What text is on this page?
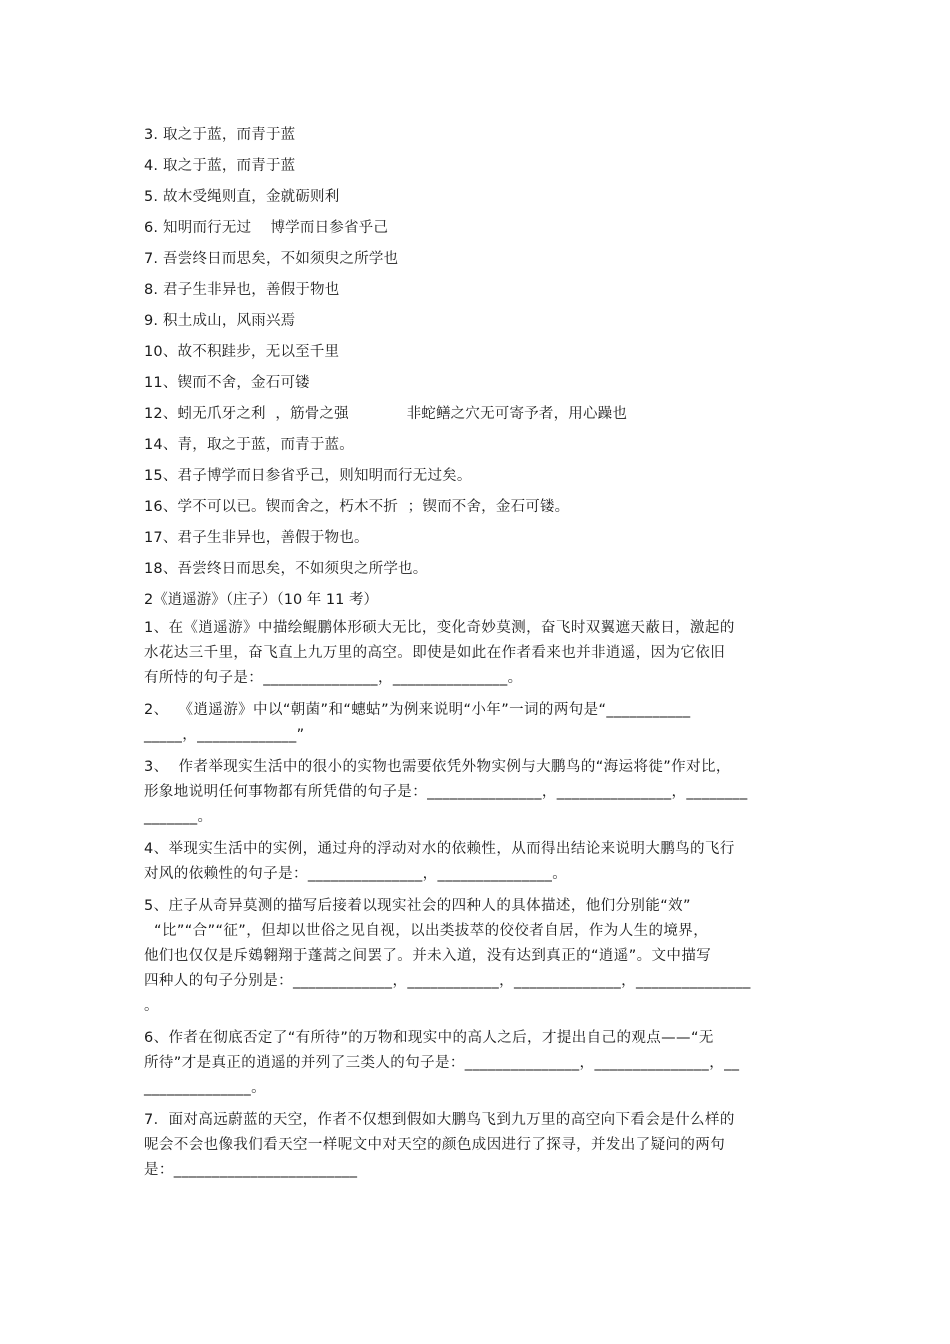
3. 取之于蓝，而青于蓝
4. 取之于蓝，而青于蓝
5. 故木受绳则直，金就砺则利
6. 知明而行无过    博学而日参省乎己
7. 吾尝终日而思矣，不如须臾之所学也
8. 君子生非异也，善假于物也
9. 积土成山，风雨兴焉
10、故不积跬步，无以至千里
11、锲而不舍，金石可镂
12、蚓无爪牙之利  ，筋骨之强            非蛇鳝之穴无可寄予者，用心躁也
14、青，取之于蓝，而青于蓝。
15、君子博学而日参省乎己，则知明而行无过矣。
16、学不可以已。锲而舍之，朽木不折  ；锲而不舍，金石可镂。
17、君子生非异也，善假于物也。
18、吾尝终日而思矣，不如须臾之所学也。
2《逍遥游》（庄子）（10 年 11 考）
1、在《逍遥游》中描绘鲲鹏体形硕大无比，变化奇妙莫测，奋飞时双翼遮天蔽日，激起的
水花达三千里，奋飞直上九万里的高空。即使是如此在作者看来也并非逍遥，因为它依旧
有所恃的句子是：_______________，_______________。
2、  《逍遥游》中以“朝菌”和“蟪蛄”为例来说明“小年”一词的两句是“___________
_____，_____________”
3、  作者举现实生活中的很小的实物也需要依凭外物实例与大鹏鸟的“海运将徙”作对比，
形象地说明任何事物都有所凭借的句子是：_______________，_______________，________
_______。
4、举现实生活中的实例，通过舟的浮动对水的依赖性，从而得出结论来说明大鹏鸟的飞行
对风的依赖性的句子是：_______________，_______________。
5、庄子从奇异莫测的描写后接着以现实社会的四种人的具体描述，他们分别能“效”
“比”“合”“征”，但却以世俗之见自视，以出类拔萃的佼佼者自居，作为人生的境界，
他们也仅仅是斥鴳翱翔于蓬蒿之间罢了。并未入道，没有达到真正的“逍遥”。文中描写
四种人的句子分别是：_____________，____________，______________，_______________
。
6、作者在彻底否定了“有所待”的万物和现实中的高人之后，才提出自己的观点——“无
所待”才是真正的逍遥的并列了三类人的句子是：_______________，_______________，__
______________。
7．面对高远蔚蓝的天空，作者不仅想到假如大鹏鸟飞到九万里的高空向下看会是什么样的
呢会不会也像我们看天空一样呢文中对天空的颜色成因进行了探寻，并发出了疑问的两句
是：________________________
